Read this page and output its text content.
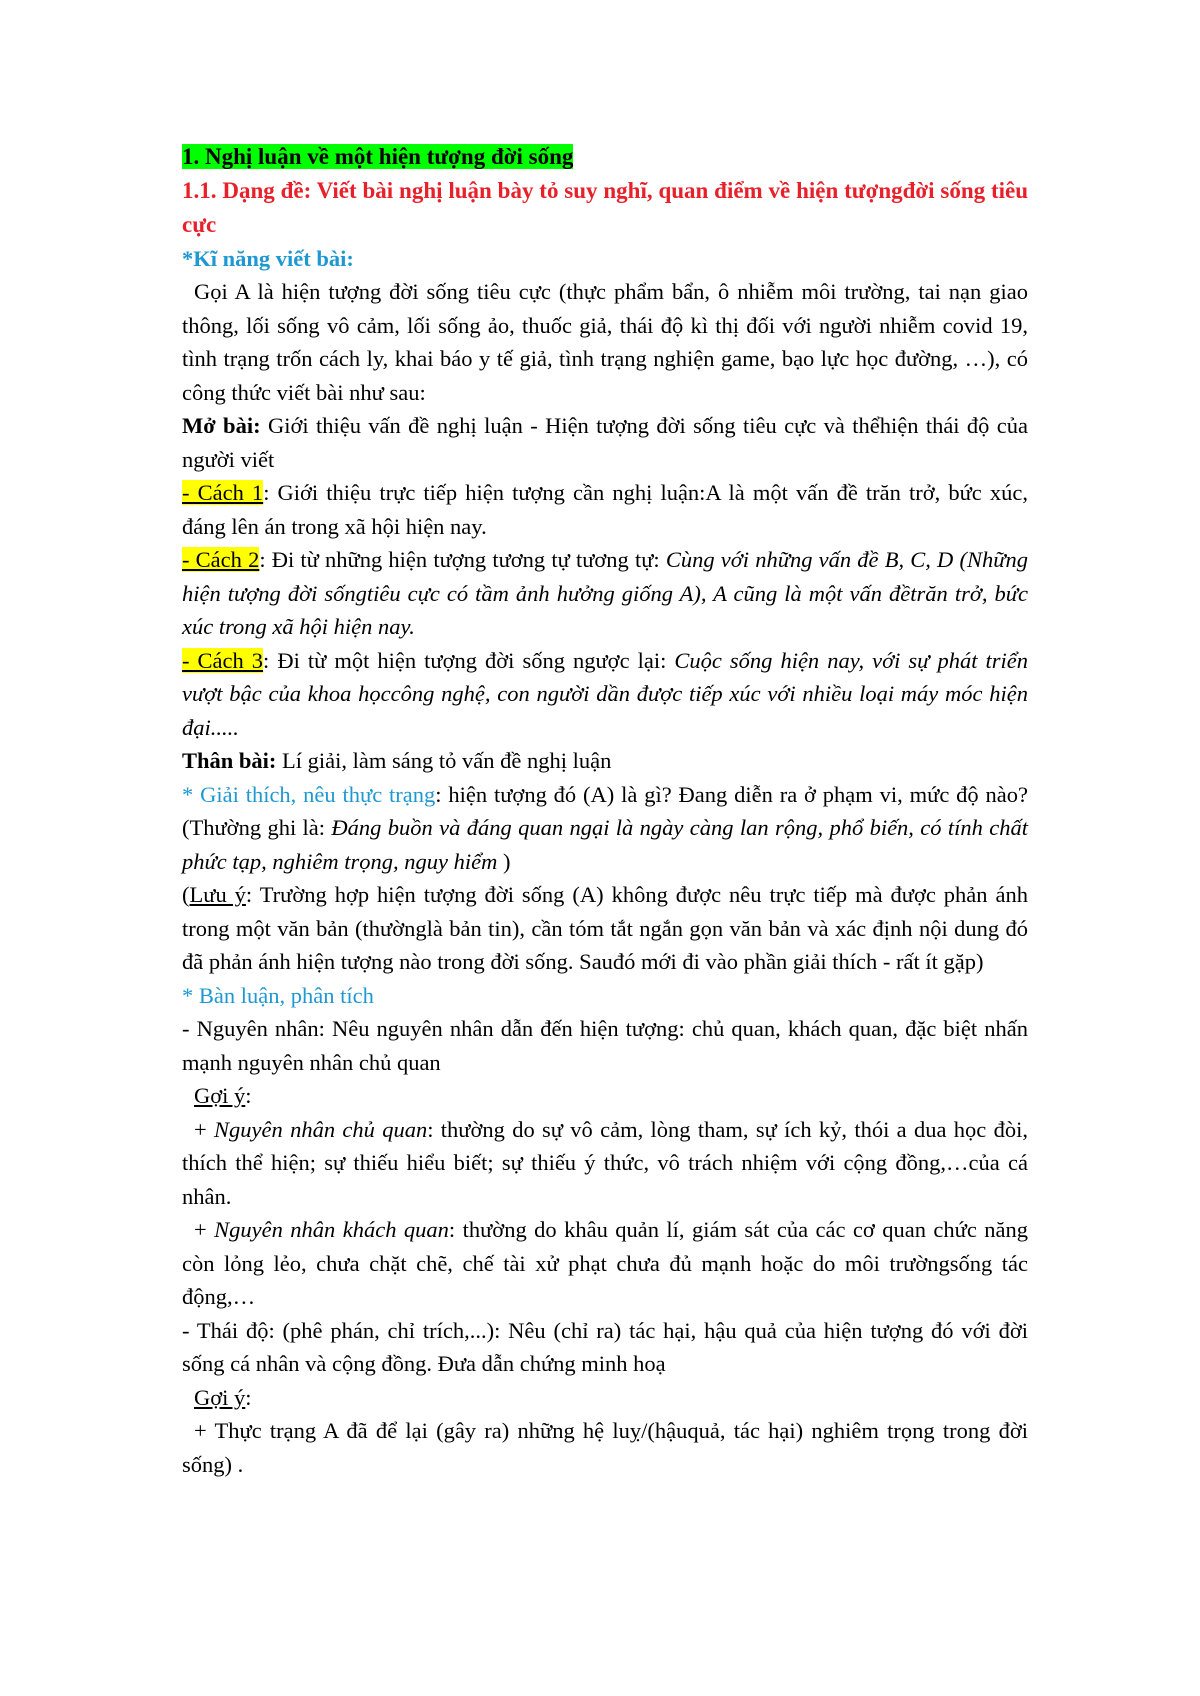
1. Nghị luận về một hiện tượng đời sống

1.1. Dạng đề: Viết bài nghị luận bày tỏ suy nghĩ, quan điểm về hiện tượngđời sống tiêu cực

*Kĩ năng viết bài:

Gọi A là hiện tượng đời sống tiêu cực (thực phẩm bẩn, ô nhiễm môi trường, tai nạn giao thông, lối sống vô cảm, lối sống ảo, thuốc giả, thái độ kì thị đối với người nhiễm covid 19, tình trạng trốn cách ly, khai báo y tế giả, tình trạng nghiện game, bạo lực học đường, …), có công thức viết bài như sau:

Mở bài: Giới thiệu vấn đề nghị luận - Hiện tượng đời sống tiêu cực và thểhiện thái độ của người viết

- Cách 1: Giới thiệu trực tiếp hiện tượng cần nghị luận:A là một vấn đề trăn trở, bức xúc, đáng lên án trong xã hội hiện nay.

- Cách 2: Đi từ những hiện tượng tương tự tương tự: Cùng với những vấn đề B, C, D (Những hiện tượng đời sốngtiêu cực có tầm ảnh hưởng giống A), A cũng là một vấn đềtrăn trở, bức xúc trong xã hội hiện nay.

- Cách 3: Đi từ một hiện tượng đời sống ngược lại: Cuộc sống hiện nay, với sự phát triển vượt bậc của khoa họccông nghệ, con người dần được tiếp xúc với nhiều loại máy móc hiện đại.....

Thân bài: Lí giải, làm sáng tỏ vấn đề nghị luận

* Giải thích, nêu thực trạng: hiện tượng đó (A) là gì? Đang diễn ra ở phạm vi, mức độ nào? (Thường ghi là: Đáng buồn và đáng quan ngại là ngày càng lan rộng, phổ biến, có tính chất phức tạp, nghiêm trọng, nguy hiểm )

(Lưu ý: Trường hợp hiện tượng đời sống (A) không được nêu trực tiếp mà được phản ánh trong một văn bản (thườnglà bản tin), cần tóm tắt ngắn gọn văn bản và xác định nội dung đó đã phản ánh hiện tượng nào trong đời sống. Sauđó mới đi vào phần giải thích - rất ít gặp)

* Bàn luận, phân tích

- Nguyên nhân: Nêu nguyên nhân dẫn đến hiện tượng: chủ quan, khách quan, đặc biệt nhấn mạnh nguyên nhân chủ quan

Gợi ý:

+ Nguyên nhân chủ quan: thường do sự vô cảm, lòng tham, sự ích kỷ, thói a dua học đòi, thích thể hiện; sự thiếu hiểu biết; sự thiếu ý thức, vô trách nhiệm với cộng đồng,…của cá nhân.

+ Nguyên nhân khách quan: thường do khâu quản lí, giám sát của các cơ quan chức năng còn lỏng lẻo, chưa chặt chẽ, chế tài xử phạt chưa đủ mạnh hoặc do môi trườngsống tác động,…

- Thái độ: (phê phán, chỉ trích,...): Nêu (chỉ ra) tác hại, hậu quả của hiện tượng đó với đời sống cá nhân và cộng đồng. Đưa dẫn chứng minh hoạ

Gợi ý:

+ Thực trạng A đã để lại (gây ra) những hệ luỵ/(hậuquả, tác hại) nghiêm trọng trong đời sống) .
